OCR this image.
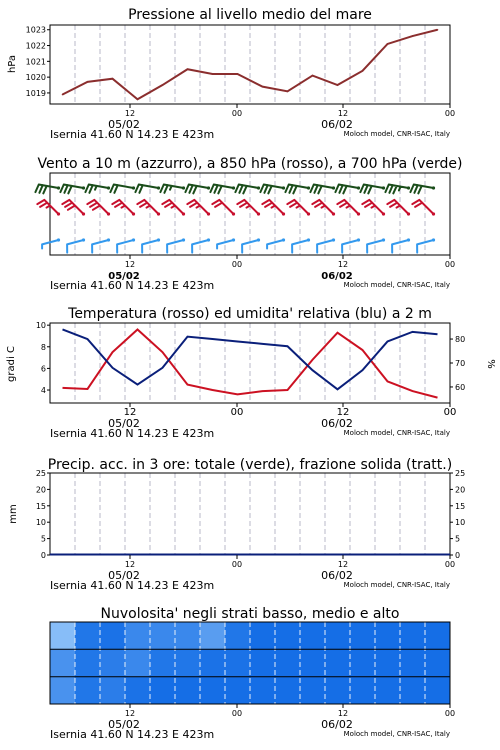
Pressione al livello medio del mare
1019
1020
1021
1022
1023
hPa
12	00	12	00
05/02	06/02
Isernia 41.60 N 14.23 E 423m	Moloch model, CNR-ISAC, Italy
Vento a 10 m (azzurro), a 850 hPa (rosso), a 700 hPa (verde)
12	00	12	00
05/02	06/02
Isernia 41.60 N 14.23 E 423m	Moloch model, CNR-ISAC, Italy
Temperatura (rosso) ed umidita' relativa (blu) a 2 m
4
6
8
10
60
70
80
gradi C	%
12	00	12	00
05/02	06/02
Isernia 41.60 N 14.23 E 423m	Moloch model, CNR-ISAC, Italy
Precip. acc. in 3 ore: totale (verde), frazione solida (tratt.)
0	0
5	5
10	10
15	15
20	20
25	25
mm
12	00	12	00
05/02	06/02
Isernia 41.60 N 14.23 E 423m	Moloch model, CNR-ISAC, Italy
Nuvolosita' negli strati basso, medio e alto
12	00	12	00
05/02	06/02
Isernia 41.60 N 14.23 E 423m	Moloch model, CNR-ISAC, Italy
